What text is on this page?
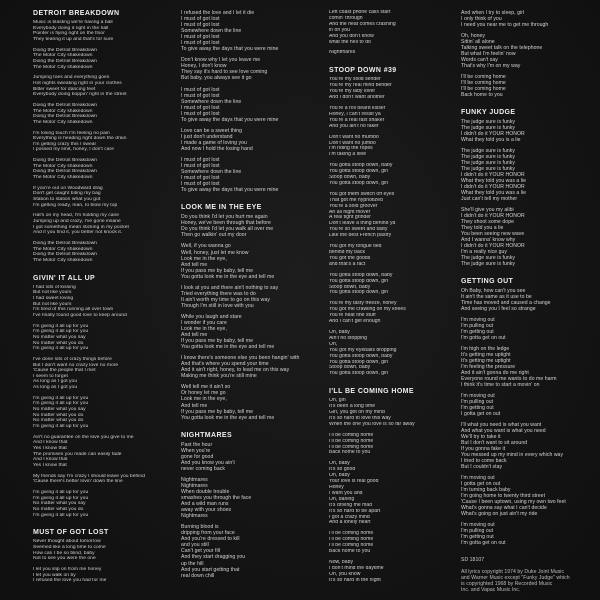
DETROIT BREAKDOWN
Music is blasting we're having a ball
Everybody doing it right in the hall
Pointer is flying right on the floor
They tearing it up and that's for sure
Doing the Detroit Breakdown
The Motor City shakedown
Doing the Detroit Breakdown
The Motor City shakedown
Jumping toes and everything goes
Hot nights sweating right in your clothes
Bitter sweet for dancing feet
Everybody doing boppin' right in the street
Doing the Detroit Breakdown
The Motor City shakedown
Doing the Detroit Breakdown
The Motor City shakedown
I'm losing touch I'm feeling no pain
Everything is heading right down the drain
I'm getting crazy this I swear
I possed my limit, honey, I don't care
Doing the Detroit Breakdown
The Motor City shakedown
Doing the Detroit Breakdown
The Motor City shakedown
If you're out on Woodward drag
Don't get caught biting my bag
Station to station what you got
I'm getting ready, man, to blow my top
Hat's on my head, I'm holding my cane
Jumping up and crazy, I've gone insane
I got something mean sticking in my pocket
And if you find it, you better not knock it.
Doing the Detroit Breakdown
The Motor City shakedown
Doing the Detroit Breakdown
The Motor City shakedown
GIVIN' IT ALL UP
I had lots of kissing
But not like yours
I had sweet loving
But not like yours
I'm tired of this running all over town
I've finally found good love to keep around
I'm giving it all up for you
I'm giving it all up for you
No matter what you say
No matter what you do
I'm giving it all up for you
I've done lots of crazy things before
But I don't want no crazy love no more
'Cause the people that I met
I seem to forget
As long as I got you
As long as I got you
I'm giving it all up for you
I'm giving it all up for you
No matter what you say
No matter what you do
No matter what you do
I'm giving it all up for you
Ain't no guarantee on the love you give to me
And I know that
Yes I know that
The promises you made can easily fade
And I know that
Yes I know that
My friends say I'm crazy I should leave you behind
'Cause there's better lovin' down the line
I'm giving it all up for you
I'm giving it all up for you
No matter what you say
No matter what you do
I'm giving it all up for you
MUST OF GOT LOST
Never thought about tomorrow
Seemed like a long time to come
How can I be so blind, baby
Not to see you were the one
I let you slip on from me honey
I let you walk on by
I refused the love you had for me
I refused the love and I let it die
I must of got lost
I must of got lost
Somewhere down the line
I must of got lost
I must of got lost
To give away the days that you were mine
Don't know why I let you leave me
Honey, I don't know
They say it's hard to see love coming
But baby, you always see it go
I must of got lost
I must of got lost
Somewhere down the line
I must of got lost
I must of got lost
To give away the days that you were mine
Love can be a sweet thing
I just don't understand
I made a game of loving you
And now I hold the losing hand
I must of got lost
I must of got lost
Somewhere down the line
I must of got lost
I must of got lost
To give away the days that you were mine
LOOK ME IN THE EYE
Do you think I'd let you hurt me again
Honey, we've been through that before
Do you think I'd let you walk all over me
Then go walkin' out my door
Well, if you wanna go
Well, honey, just let me know
Look me in the eye,
And tell me
If you pass me by baby, tell me
You gotta look me in the eye and tell me
I look at you and there ain't nothing to say
Tried everything there was to do
It ain't worth my time to go on this way
Though I'm still in love with you
While you laugh and stare
I wonder if you care
Look me in the eye,
And tell me
If you pass me by baby, tell me
You gotta look me in the eye and tell me
I know there's someone else you been hangin' with
And that's where you spend your time
And it ain't right, honey, to lead me on this way
Making me think you're still mine
Well tell me it ain't so
Or honey let me go
Look me in the eye,
And tell me
If you pass me by baby, tell me
You gotta look me in the eye and tell me
NIGHTMARES
Past the hour
When you're
gone for good
And you know you ain't
never coming back
Nightmares
Nightmares
When double trouble
smashes you through the face
And a wild man runs
away with your shoes
Nightmares
Burning blood is
dripping from your face
And you're dressed to kill
and you still
Can't get your fill
And they start dragging you
up the hill
And you start getting that
real down chill
Left coast phone calls start
comin' through
And the heat comes crashing
in on you
And you don't know
what the hell to do
Nightmares
STOOP DOWN #39
You're my solid sender
You're my real mind bender
You're my lady lover
And I don't want another
You're a roll beard kisser
Honey, I can't resist ya
You're a real fast shaker
And you ain't no faker
Don't want no mumbo
Don't want no jumbo
I'm riding the ropes
I'm taking a dive
You gotta stoop down, baby
You gotta stoop down, girl
Stoop down, baby
You gotta stoop down, girl
You got them switch off eyes
That got me hypnotized
You're a sold groover
An all night mover
A real tight grinder
Don't leave a thing behind ya
You're so sweet and tasty
Like the best French pastry
You got my tongue tied
behind my back
You got the goods
and that's a fact
You gotta stoop down, baby
You gotta stoop down, girl
Stoop down, baby
You gotta stoop down, girl
You're my tasty freeze, honey
You got me crawling on my knees
You're neat fine stuff
And I can't get enough
Oh, baby
Ain't no stopping
Oh,
You got my eyeballs dropping
You gotta stoop down, baby
You gotta stoop down, girl
Stoop down, baby
You gotta stoop down, girl
I'LL BE COMING HOME
Oh, girl
It's been a long time
Girl, you got on my mind
It's so hard to love this way
When the one you love is so far away
I'll be coming home
I'll be coming home
I'll be coming home
Back home to you
Oh, baby
It's so good
Oh, baby
Your love is real good
Honey
I want you and
Oh, darling
It's driving me mad
It's so hard to be apart
I got a crazy mind
And a lonely heart
I'll be coming home
I'll be coming home
I'll be coming home
Back home to you
Now, baby
I don't mind the daytime
Oh, you know
It's so hard in the night
And when I try to sleep, girl
I only think of you
I need you near me to get me through
Oh, honey
Sittin' all alone
Talking sweet talk on the telephone
But what I'm feelin' now
Words can't say
That's why I'm on my way
I'll be coming home
I'll be coming home
I'll be coming home
Back home to you
FUNKY JUDGE
The judge sure is funky
The judge sure is funky
I didn't do it YOUR HONOR
What they told you is a lie
The judge sure is funky
The judge sure is funky
The judge sure is funky
The judge sure is funky
I didn't do it YOUR HONOR
What they told you was a lie
I didn't do it YOUR HONOR
What they told you was a lie
Just can't tell my mother
She'll give you my alibi
I didn't do it YOUR HONOR
They shoot some dope
They told you a lie
You been seeing new wave
And I wanna' know why
I didn't do it YOUR HONOR
I'm a really nice guy
The judge sure is funky
The judge sure is funky
GETTING OUT
Oh Baby, how can't you see
It ain't the same as it use to be
Time has moved and caused a change
And seeing you I feel so strange
I'm moving out
I'm pulling out
I'm getting out
I'm gotta get on out
I'm high on the ledge
It's getting me uptight
It's getting me uptight
I'm feeling the pressure
And it ain't gonna do me right
Everyone round me wants to do me harm
I think it's time to start a movin' on
I'm moving out
I'm pulling out
I'm getting out
I gotta get on out
I'll what you need is what you want
And what you want is what you need
We'll try to take it
But I don't want to sit around
If you gonna fake it
You messed up my mind in every which way
I tried to come back
But I couldn't stay
I'm moving out
I gotta get on out
I'm turning back baby
I'm going home to twenty third street
'Cause I been uptown, using my own two feet
What's gonna say what I can't decide
What's going on just ain't my ride
I'm moving out
I'm pulling out
I'm getting out
I'm gotta get on out
SD 18107
All lyrics copyright 1974 by Duke Joint Music
and Warner Music except "Funky Judge" which
is copyrighted 1968 by Recorded Music
Inc. and Vapac Music Inc.
